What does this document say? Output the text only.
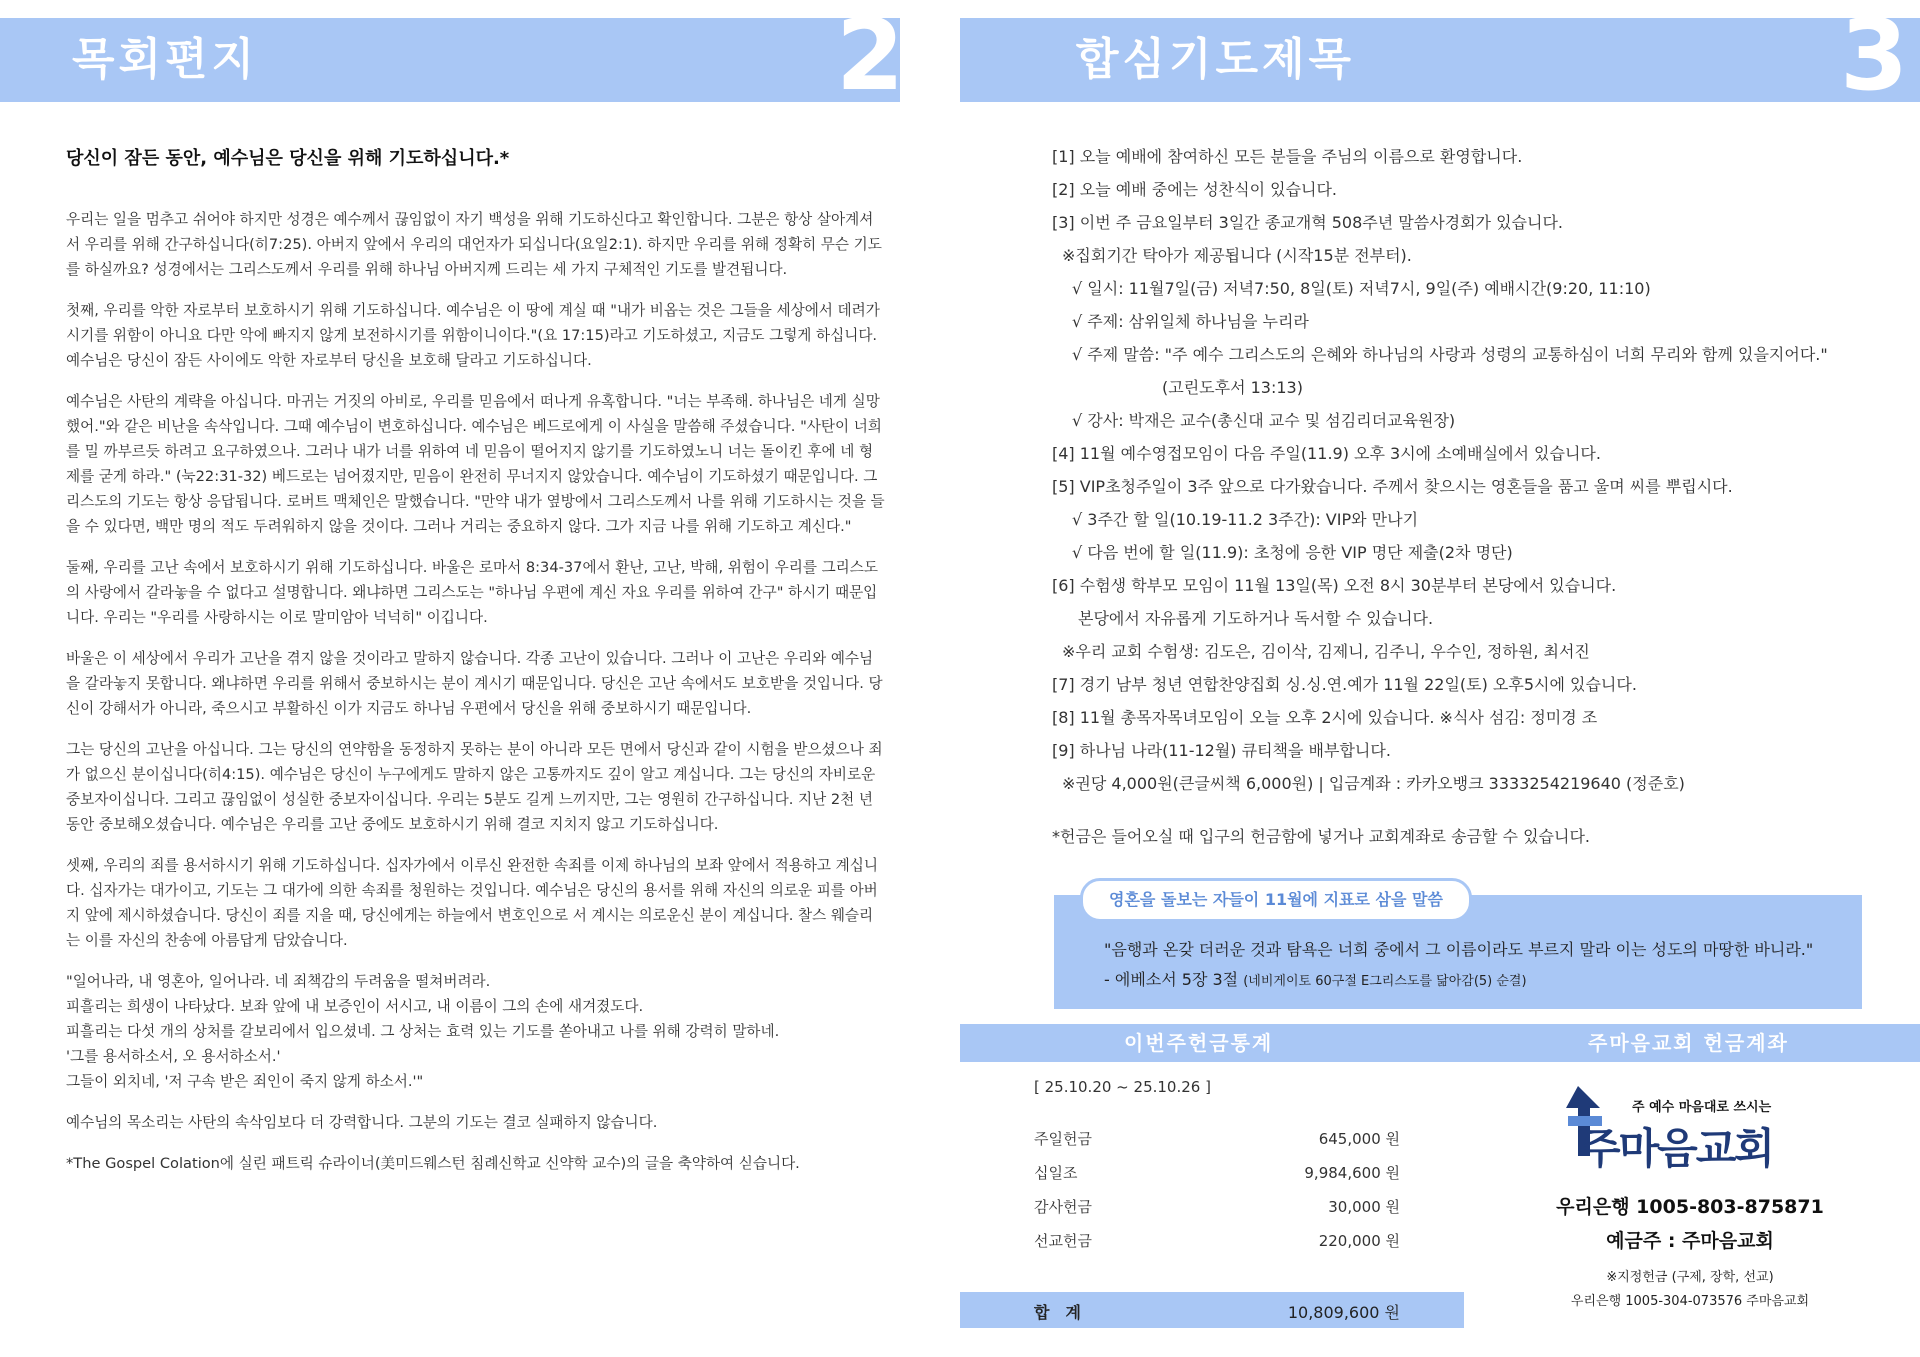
목회편지	2	합심기도제목	3
당신이 잠든 동안, 예수님은 당신을 위해 기도하십니다.*

우리는 일을 멈추고 쉬어야 하지만 성경은 예수께서 끊임없이 자기 백성을 위해 기도하신다고 확인합니다. 그분은 항상 살아계셔서 우리를 위해 간구하십니다(히7:25). 아버지 앞에서 우리의 대언자가 되십니다(요일2:1). 하지만 우리를 위해 정확히 무슨 기도를 하실까요? 성경에서는 그리스도께서 우리를 위해 하나님 아버지께 드리는 세 가지 구체적인 기도를 발견됩니다.

첫째, 우리를 악한 자로부터 보호하시기 위해 기도하십니다. 예수님은 이 땅에 계실 때 "내가 비옵는 것은 그들을 세상에서 데려가시기를 위함이 아니요 다만 악에 빠지지 않게 보전하시기를 위함이니이다."(요 17:15)라고 기도하셨고, 지금도 그렇게 하십니다. 예수님은 당신이 잠든 사이에도 악한 자로부터 당신을 보호해 달라고 기도하십니다.

예수님은 사탄의 계략을 아십니다. 마귀는 거짓의 아비로, 우리를 믿음에서 떠나게 유혹합니다. "너는 부족해. 하나님은 네게 실망했어."와 같은 비난을 속삭입니다. 그때 예수님이 변호하십니다. 예수님은 베드로에게 이 사실을 말씀해 주셨습니다. "사탄이 너희를 밀 까부르듯 하려고 요구하였으나. 그러나 내가 너를 위하여 네 믿음이 떨어지지 않기를 기도하였노니 너는 돌이킨 후에 네 형제를 굳게 하라." (눅22:31-32) 베드로는 넘어졌지만, 믿음이 완전히 무너지지 않았습니다. 예수님이 기도하셨기 때문입니다. 그리스도의 기도는 항상 응답됩니다. 로버트 맥체인은 말했습니다. "만약 내가 옆방에서 그리스도께서 나를 위해 기도하시는 것을 들을 수 있다면, 백만 명의 적도 두려워하지 않을 것이다. 그러나 거리는 중요하지 않다. 그가 지금 나를 위해 기도하고 계신다."

둘째, 우리를 고난 속에서 보호하시기 위해 기도하십니다. 바울은 로마서 8:34-37에서 환난, 고난, 박해, 위험이 우리를 그리스도의 사랑에서 갈라놓을 수 없다고 설명합니다. 왜냐하면 그리스도는 "하나님 우편에 계신 자요 우리를 위하여 간구" 하시기 때문입니다. 우리는 "우리를 사랑하시는 이로 말미암아 넉넉히" 이깁니다.

바울은 이 세상에서 우리가 고난을 겪지 않을 것이라고 말하지 않습니다. 각종 고난이 있습니다. 그러나 이 고난은 우리와 예수님을 갈라놓지 못합니다. 왜냐하면 우리를 위해서 중보하시는 분이 계시기 때문입니다. 당신은 고난 속에서도 보호받을 것입니다. 당신이 강해서가 아니라, 죽으시고 부활하신 이가 지금도 하나님 우편에서 당신을 위해 중보하시기 때문입니다.

그는 당신의 고난을 아십니다. 그는 당신의 연약함을 동정하지 못하는 분이 아니라 모든 면에서 당신과 같이 시험을 받으셨으나 죄가 없으신 분이십니다(히4:15). 예수님은 당신이 누구에게도 말하지 않은 고통까지도 깊이 알고 계십니다. 그는 당신의 자비로운 중보자이십니다. 그리고 끊임없이 성실한 중보자이십니다. 우리는 5분도 길게 느끼지만, 그는 영원히 간구하십니다. 지난 2천 년동안 중보해오셨습니다. 예수님은 우리를 고난 중에도 보호하시기 위해 결코 지치지 않고 기도하십니다.

셋째, 우리의 죄를 용서하시기 위해 기도하십니다. 십자가에서 이루신 완전한 속죄를 이제 하나님의 보좌 앞에서 적용하고 계십니다. 십자가는 대가이고, 기도는 그 대가에 의한 속죄를 청원하는 것입니다. 예수님은 당신의 용서를 위해 자신의 의로운 피를 아버지 앞에 제시하셨습니다. 당신이 죄를 지을 때, 당신에게는 하늘에서 변호인으로 서 계시는 의로운신 분이 계십니다. 찰스 웨슬리는 이를 자신의 찬송에 아름답게 담았습니다.

"일어나라, 내 영혼아, 일어나라. 네 죄책감의 두려움을 떨쳐버려라.
피흘리는 희생이 나타났다. 보좌 앞에 내 보증인이 서시고, 내 이름이 그의 손에 새겨졌도다.
피흘리는 다섯 개의 상처를 갈보리에서 입으셨네. 그 상처는 효력 있는 기도를 쏟아내고 나를 위해 강력히 말하네.
'그를 용서하소서, 오 용서하소서.'
그들이 외치네, '저 구속 받은 죄인이 죽지 않게 하소서.'"

예수님의 목소리는 사탄의 속삭임보다 더 강력합니다. 그분의 기도는 결코 실패하지 않습니다.

*The Gospel Colation에 실린 패트릭 슈라이너(美미드웨스턴 침례신학교 신약학 교수)의 글을 축약하여 싣습니다.

[1] 오늘 예배에 참여하신 모든 분들을 주님의 이름으로 환영합니다.
[2] 오늘 예배 중에는 성찬식이 있습니다.
[3] 이번 주 금요일부터 3일간 종교개혁 508주년 말씀사경회가 있습니다.
※집회기간 탁아가 제공됩니다 (시작15분 전부터).
√ 일시: 11월7일(금) 저녁7:50, 8일(토) 저녁7시, 9일(주) 예배시간(9:20, 11:10)
√ 주제: 삼위일체 하나님을 누리라
√ 주제 말씀: "주 예수 그리스도의 은혜와 하나님의 사랑과 성령의 교통하심이 너희 무리와 함께 있을지어다."
(고린도후서 13:13)
√ 강사: 박재은 교수(총신대 교수 및 섬김리더교육원장)
[4] 11월 예수영접모임이 다음 주일(11.9) 오후 3시에 소예배실에서 있습니다.
[5] VIP초청주일이 3주 앞으로 다가왔습니다. 주께서 찾으시는 영혼들을 품고 울며 씨를 뿌립시다.
√ 3주간 할 일(10.19-11.2 3주간): VIP와 만나기
√ 다음 번에 할 일(11.9): 초청에 응한 VIP 명단 제출(2차 명단)
[6] 수험생 학부모 모임이 11월 13일(목) 오전 8시 30분부터 본당에서 있습니다.
본당에서 자유롭게 기도하거나 독서할 수 있습니다.
※우리 교회 수험생: 김도은, 김이삭, 김제니, 김주니, 우수인, 정하원, 최서진
[7] 경기 남부 청년 연합찬양집회 싱.싱.연.예가 11월 22일(토) 오후5시에 있습니다.
[8] 11월 총목자목녀모임이 오늘 오후 2시에 있습니다. ※식사 섬김: 정미경 조
[9] 하나님 나라(11-12월) 큐티책을 배부합니다.
※권당 4,000원(큰글씨책 6,000원) | 입금계좌 : 카카오뱅크 3333254219640 (정준호)
*헌금은 들어오실 때 입구의 헌금함에 넣거나 교회계좌로 송금할 수 있습니다.
영혼을 돌보는 자들이 11월에 지표로 삼을 말씀
"음행과 온갖 더러운 것과 탐욕은 너희 중에서 그 이름이라도 부르지 말라 이는 성도의 마땅한 바니라."
- 에베소서 5장 3절 (네비게이토 60구절 E그리스도를 닮아감(5) 순결)
이번주헌금통계	주마음교회 헌금계좌
[ 25.10.20 ~ 25.10.26 ]
주일헌금	645,000 원
십일조	9,984,600 원
감사헌금	30,000 원
선교헌금	220,000 원
합　계	10,809,600 원
주 예수 마음대로 쓰시는
주마음교회
우리은행 1005-803-875871
예금주 : 주마음교회
※지정헌금 (구제, 장학, 선교)
우리은행 1005-304-073576 주마음교회
